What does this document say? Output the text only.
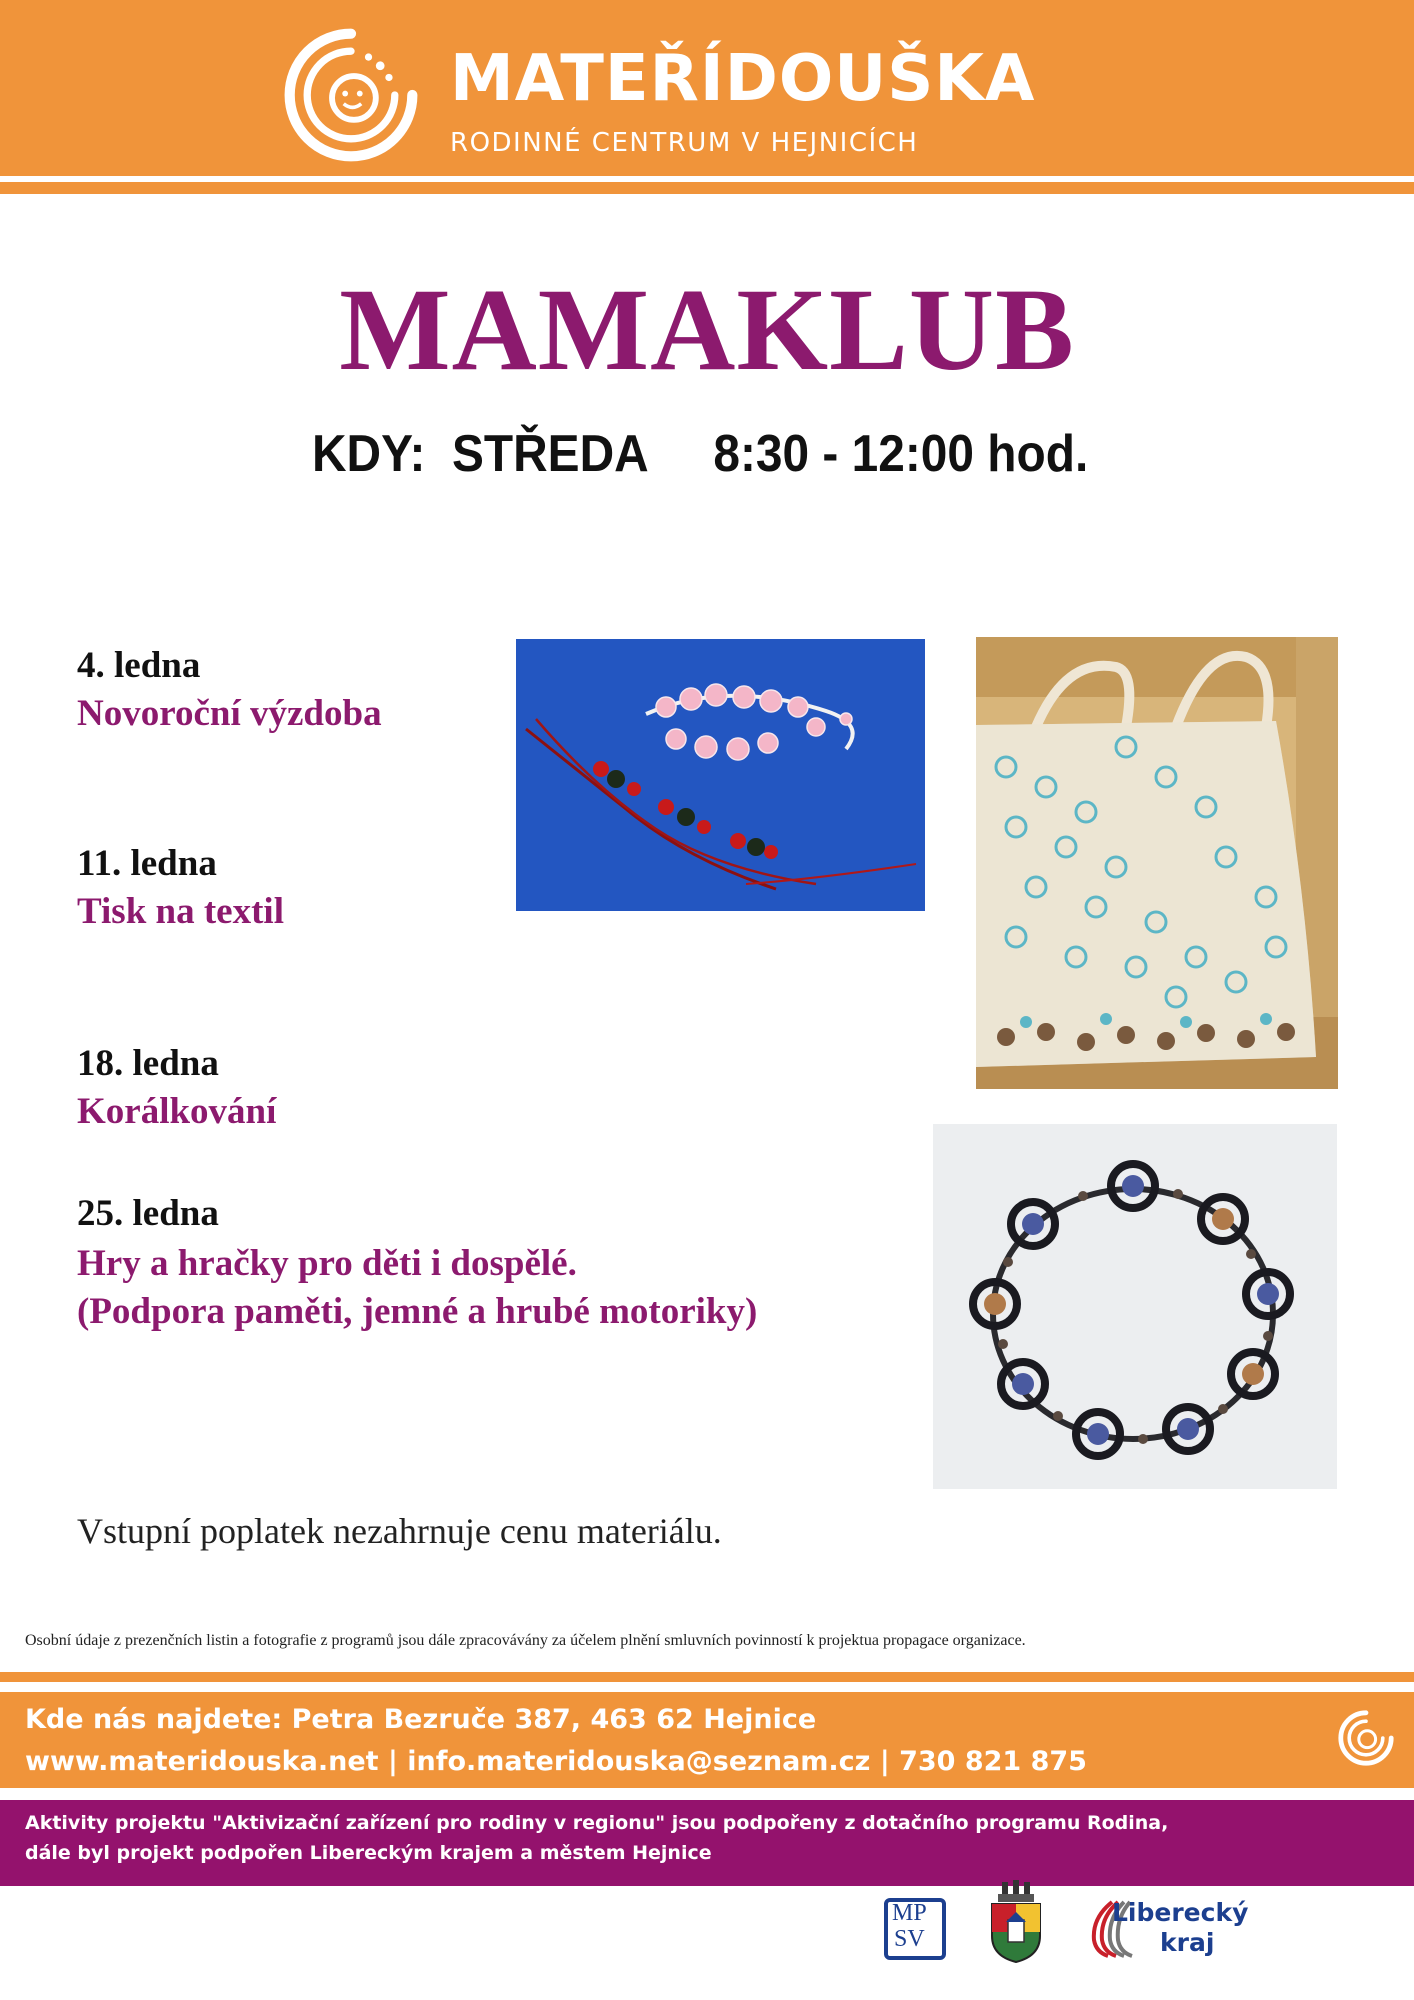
MATEŘÍDOUŠKA
RODINNÉ CENTRUM V HEJNICÍCH
MAMAKLUB
KDY: STŘEDA 8:30 - 12:00 hod.
4. ledna
Novoroční výzdoba
11. ledna
Tisk na textil
18. ledna
Korálkování
25. ledna
Hry a hračky pro děti i dospělé.
(Podpora paměti, jemné a hrubé motoriky)
Vstupní poplatek nezahrnuje cenu materiálu.
Osobní údaje z prezenčních listin a fotografie z programů jsou dále zpracovávány za účelem plnění smluvních povinností k projektua propagace organizace.
Kde nás najdete: Petra Bezruče 387, 463 62 Hejnice
www.materidouska.net | info.materidouska@seznam.cz | 730 821 875
Aktivity projektu "Aktivizační zařízení pro rodiny v regionu" jsou podpořeny z dotačního programu Rodina,
dále byl projekt podpořen Libereckým krajem a městem Hejnice
MP
SV
Liberecký
kraj
